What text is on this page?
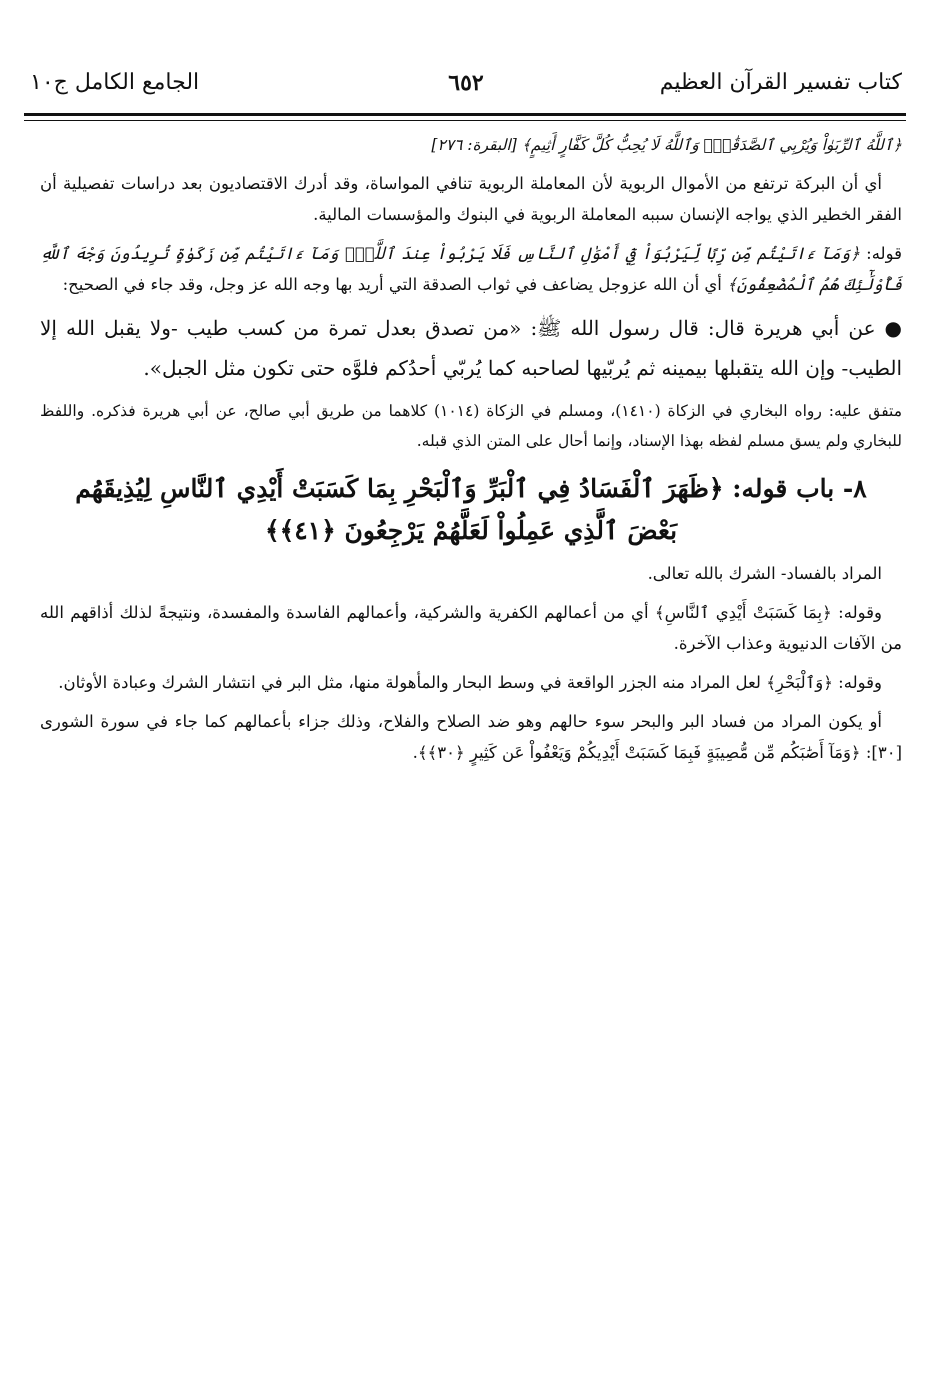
كتاب تفسير القرآن العظيم
٦٥٢
الجامع الكامل ج١٠

﴿ٱللَّهُ ٱلرِّبَوٰاْ وَيُرْبِي ٱلصَّدَقَٰتِۗ وَٱللَّهُ لَا يُحِبُّ كُلَّ كَفَّارٍ أَثِيمٍ﴾ [البقرة: ٢٧٦]

أي أن البركة ترتفع من الأموال الربوية لأن المعاملة الربوية تنافي المواساة، وقد أدرك الاقتصاديون بعد دراسات تفصيلية أن الفقر الخطير الذي يواجه الإنسان سببه المعاملة الربوية في البنوك والمؤسسات المالية.

قوله: ﴿وَمَآ ءَاتَيْتُم مِّن رِّبًا لِّيَرْبُوَاْ فِيٓ أَمْوَٰلِ ٱلنَّاسِ فَلَا يَرْبُواْ عِندَ ٱللَّهِۖ وَمَآ ءَاتَيْتُم مِّن زَكَوٰةٍ تُرِيدُونَ وَجْهَ ٱللَّهِ فَأُوْلَٰٓئِكَ هُمُ ٱلْمُضْعِفُونَ﴾ أي أن الله عزوجل يضاعف في ثواب الصدقة التي أريد بها وجه الله عز وجل، وقد جاء في الصحيح:

● عن أبي هريرة قال: قال رسول الله ﷺ: «من تصدق بعدل تمرة من كسب طيب -ولا يقبل الله إلا الطيب- وإن الله يتقبلها بيمينه ثم يُربّيها لصاحبه كما يُربّي أحدُكم فلوَّه حتى تكون مثل الجبل».

متفق عليه: رواه البخاري في الزكاة (١٤١٠)، ومسلم في الزكاة (١٠١٤) كلاهما من طريق أبي صالح، عن أبي هريرة فذكره. واللفظ للبخاري ولم يسق مسلم لفظه بهذا الإسناد، وإنما أحال على المتن الذي قبله.

٨- باب قوله: ﴿ظَهَرَ ٱلْفَسَادُ فِي ٱلْبَرِّ وَٱلْبَحْرِ بِمَا كَسَبَتْ أَيْدِي ٱلنَّاسِ لِيُذِيقَهُم بَعْضَ ٱلَّذِي عَمِلُواْ لَعَلَّهُمْ يَرْجِعُونَ ﴿٤١﴾﴾

المراد بالفساد- الشرك بالله تعالى.

وقوله: ﴿بِمَا كَسَبَتْ أَيْدِي ٱلنَّاسِ﴾ أي من أعمالهم الكفرية والشركية، وأعمالهم الفاسدة والمفسدة، ونتيجةً لذلك أذاقهم الله من الآفات الدنيوية وعذاب الآخرة.

وقوله: ﴿وَٱلْبَحْرِ﴾ لعل المراد منه الجزر الواقعة في وسط البحار والمأهولة منها، مثل البر في انتشار الشرك وعبادة الأوثان.

أو يكون المراد من فساد البر والبحر سوء حالهم وهو ضد الصلاح والفلاح، وذلك جزاء بأعمالهم كما جاء في سورة الشورى [٣٠]: ﴿وَمَآ أَصَٰبَكُم مِّن مُّصِيبَةٍ فَبِمَا كَسَبَتْ أَيْدِيكُمْ وَيَعْفُواْ عَن كَثِيرٍ ﴿٣٠﴾﴾.
